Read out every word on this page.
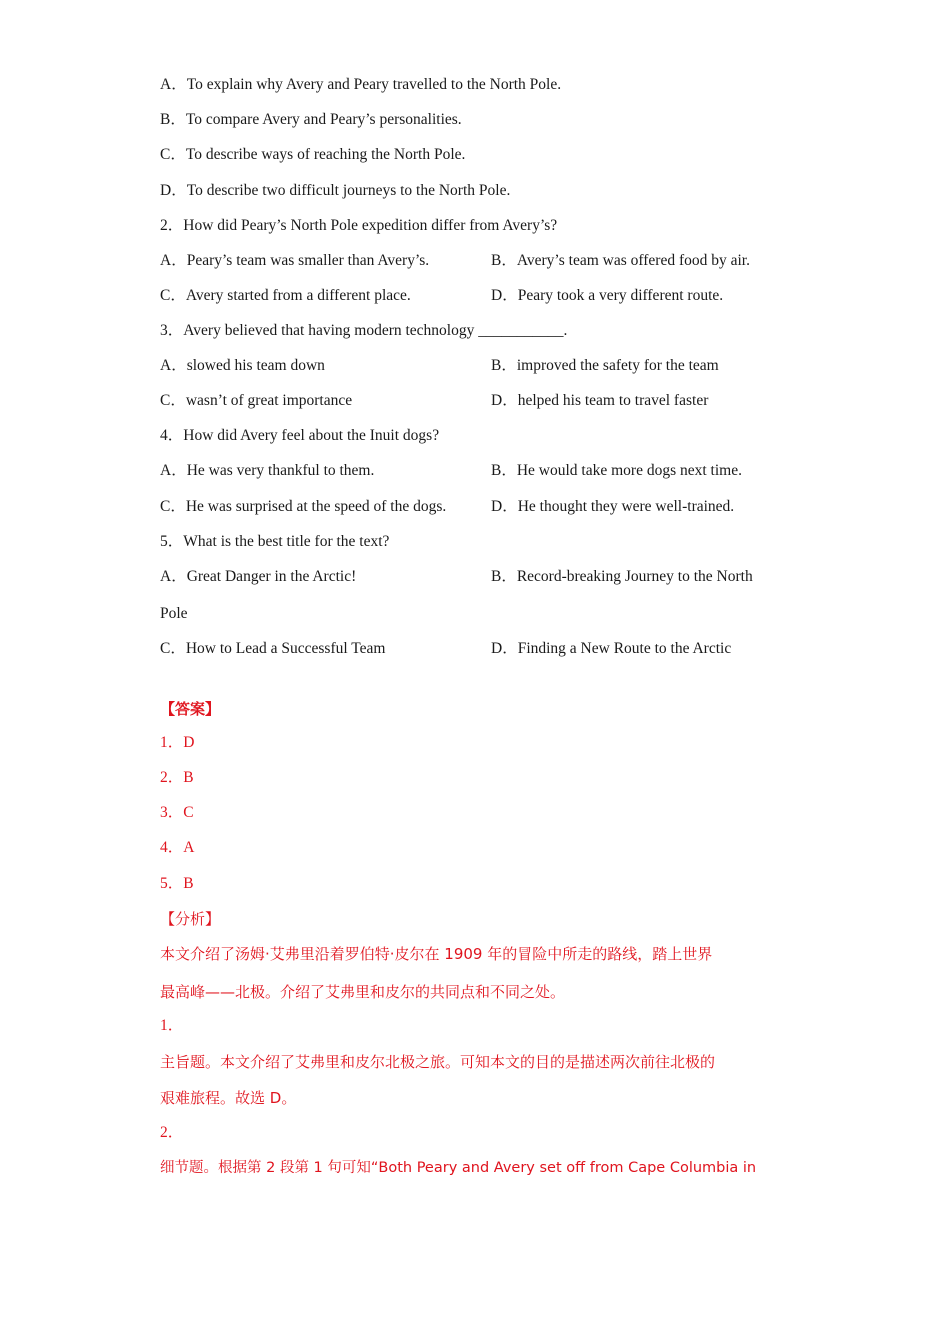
A．To explain why Avery and Peary travelled to the North Pole.
B．To compare Avery and Peary’s personalities.
C．To describe ways of reaching the North Pole.
D．To describe two difficult journeys to the North Pole.
2．How did Peary’s North Pole expedition differ from Avery’s?
A．Peary’s team was smaller than Avery’s.	B．Avery’s team was offered food by air.
C．Avery started from a different place.	D．Peary took a very different route.
3．Avery believed that having modern technology ___________.
A．slowed his team down	B．improved the safety for the team
C．wasn’t of great importance	D．helped his team to travel faster
4．How did Avery feel about the Inuit dogs?
A．He was very thankful to them.	B．He would take more dogs next time.
C．He was surprised at the speed of the dogs.	D．He thought they were well-trained.
5．What is the best title for the text?
A．Great Danger in the Arctic!	B．Record-breaking Journey to the North
Pole
C．How to Lead a Successful Team	D．Finding a New Route to the Arctic
【答案】
1．D
2．B
3．C
4．A
5．B
【分析】
本文介绍了汤姆·艾弗里沿着罗伯特·皮尔在 1909 年的冒险中所走的路线，踏上世界
最高峰——北极。介绍了艾弗里和皮尔的共同点和不同之处。
1．
主旨题。本文介绍了艾弗里和皮尔北极之旅。可知本文的目的是描述两次前往北极的
艰难旅程。故选 D。
2．
细节题。根据第 2 段第 1 句可知“Both Peary and Avery set off from Cape Columbia in
